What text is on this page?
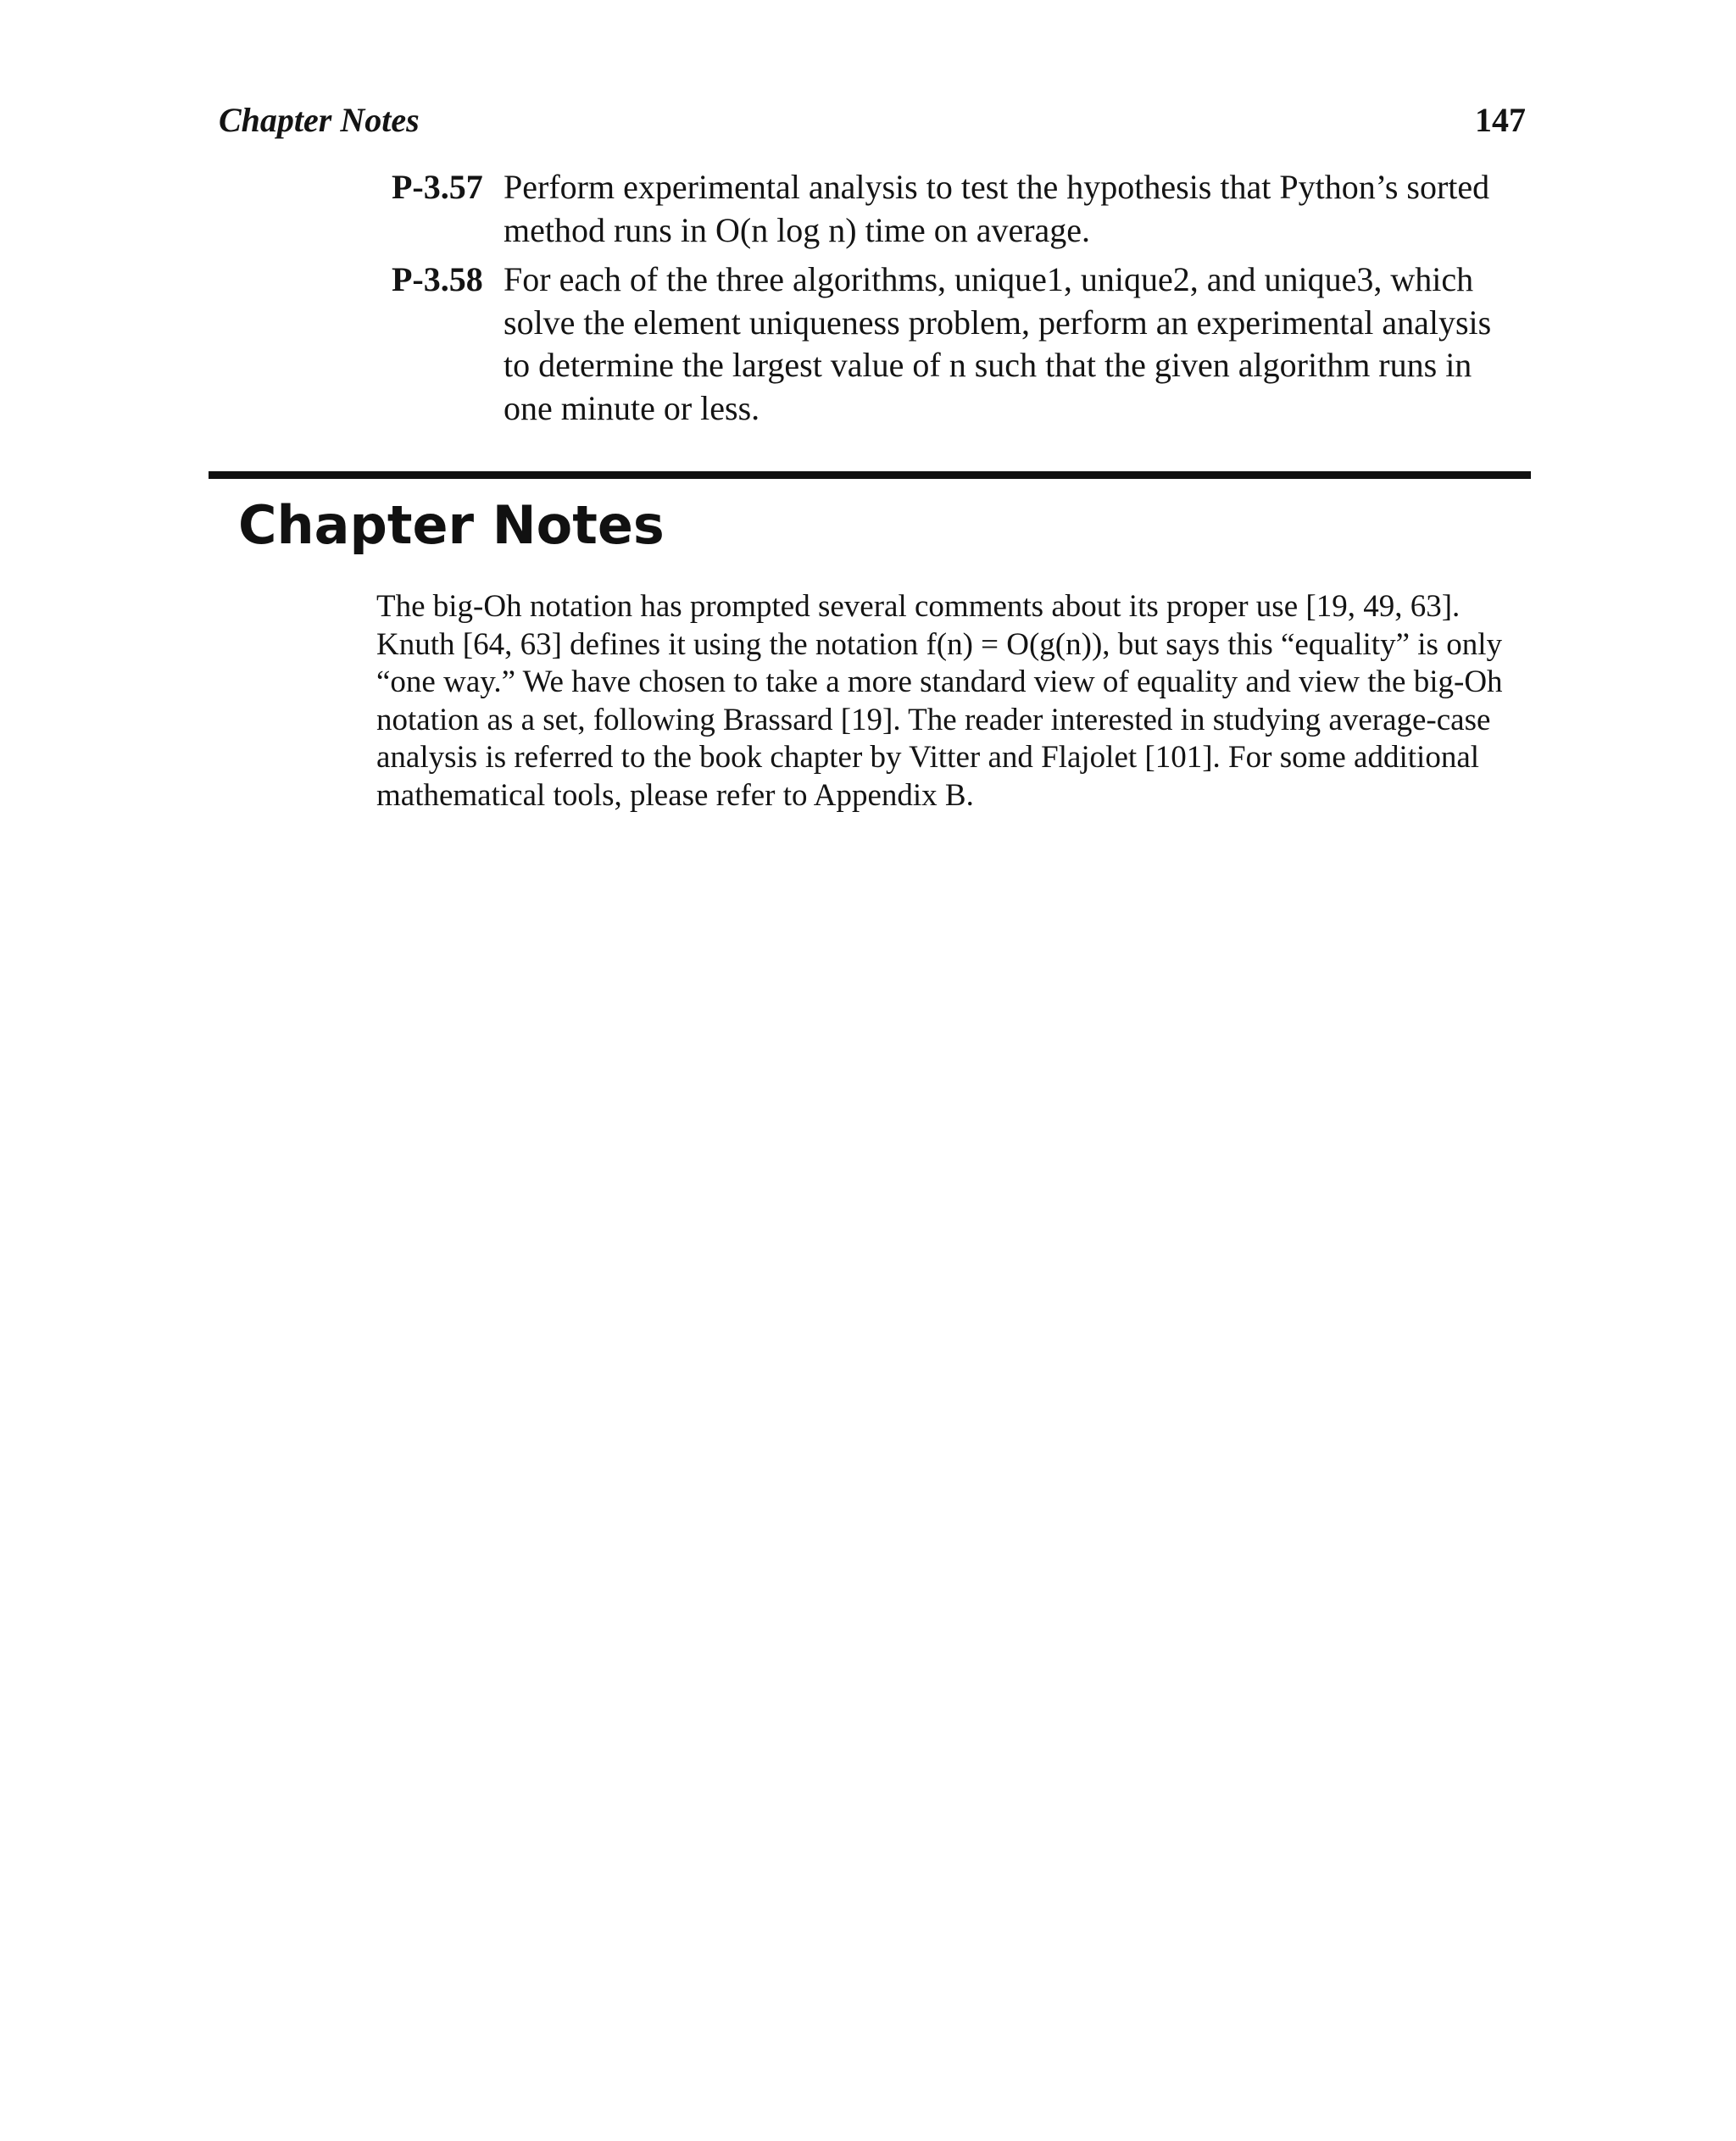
Chapter Notes	147
P-3.57 Perform experimental analysis to test the hypothesis that Python’s sorted
method runs in O(n log n) time on average.
P-3.58 For each of the three algorithms, unique1, unique2, and unique3, which
solve the element uniqueness problem, perform an experimental analysis
to determine the largest value of n such that the given algorithm runs in
one minute or less.
Chapter Notes

The big-Oh notation has prompted several comments about its proper use [19, 49, 63].
Knuth [64, 63] defines it using the notation f(n) = O(g(n)), but says this “equality” is only
“one way.” We have chosen to take a more standard view of equality and view the big-Oh
notation as a set, following Brassard [19]. The reader interested in studying average-case
analysis is referred to the book chapter by Vitter and Flajolet [101]. For some additional
mathematical tools, please refer to Appendix B.
